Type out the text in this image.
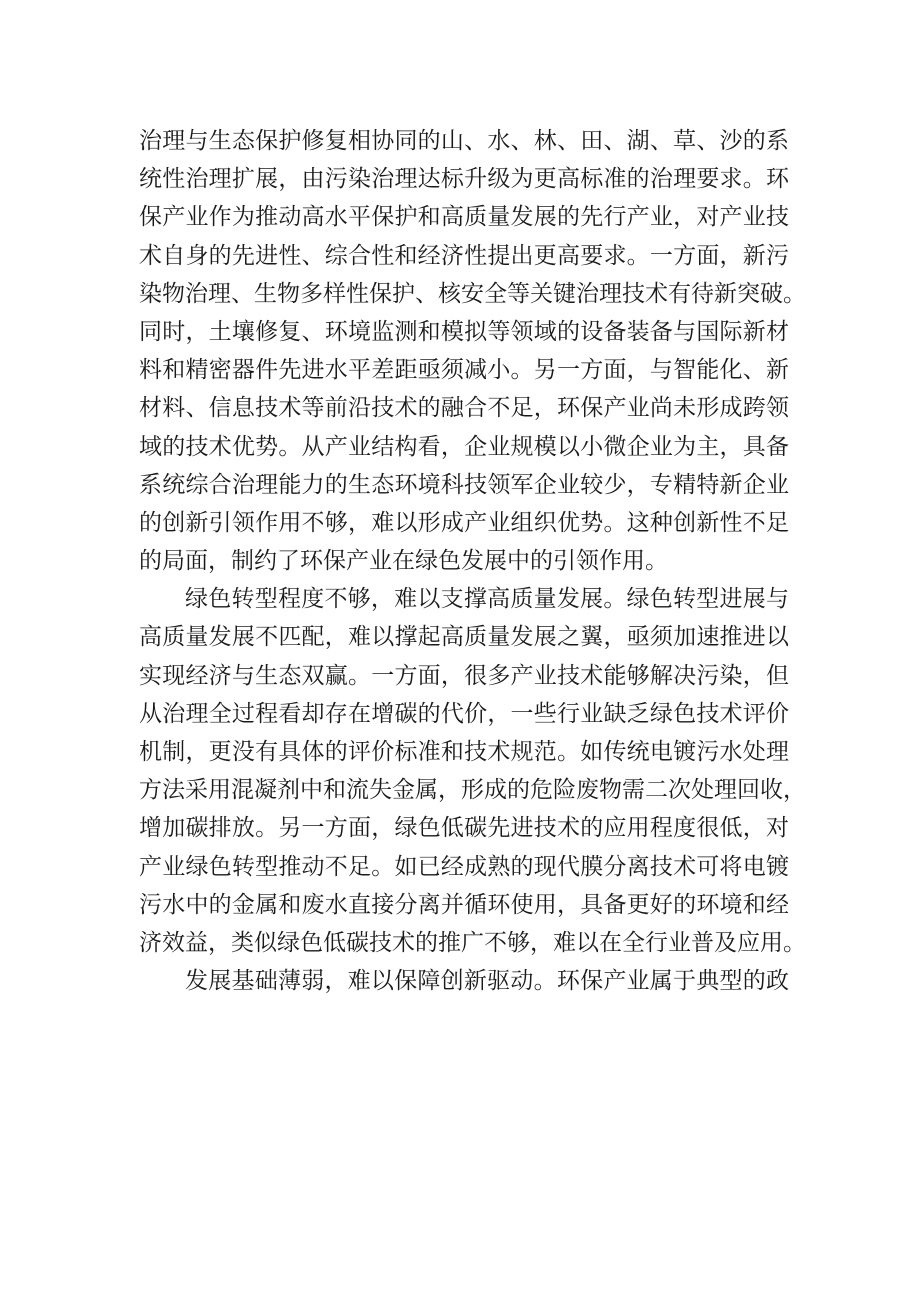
治理与生态保护修复相协同的山、水、林、田、湖、草、沙的系
统性治理扩展，由污染治理达标升级为更高标准的治理要求。环
保产业作为推动高水平保护和高质量发展的先行产业，对产业技
术自身的先进性、综合性和经济性提出更高要求。一方面，新污
染物治理、生物多样性保护、核安全等关键治理技术有待新突破。
同时，土壤修复、环境监测和模拟等领域的设备装备与国际新材
料和精密器件先进水平差距亟须减小。另一方面，与智能化、新
材料、信息技术等前沿技术的融合不足，环保产业尚未形成跨领
域的技术优势。从产业结构看，企业规模以小微企业为主，具备
系统综合治理能力的生态环境科技领军企业较少，专精特新企业
的创新引领作用不够，难以形成产业组织优势。这种创新性不足
的局面，制约了环保产业在绿色发展中的引领作用。
绿色转型程度不够，难以支撑高质量发展。绿色转型进展与
高质量发展不匹配，难以撑起高质量发展之翼，亟须加速推进以
实现经济与生态双赢。一方面，很多产业技术能够解决污染，但
从治理全过程看却存在增碳的代价，一些行业缺乏绿色技术评价
机制，更没有具体的评价标准和技术规范。如传统电镀污水处理
方法采用混凝剂中和流失金属，形成的危险废物需二次处理回收，
增加碳排放。另一方面，绿色低碳先进技术的应用程度很低，对
产业绿色转型推动不足。如已经成熟的现代膜分离技术可将电镀
污水中的金属和废水直接分离并循环使用，具备更好的环境和经
济效益，类似绿色低碳技术的推广不够，难以在全行业普及应用。
发展基础薄弱，难以保障创新驱动。环保产业属于典型的政
